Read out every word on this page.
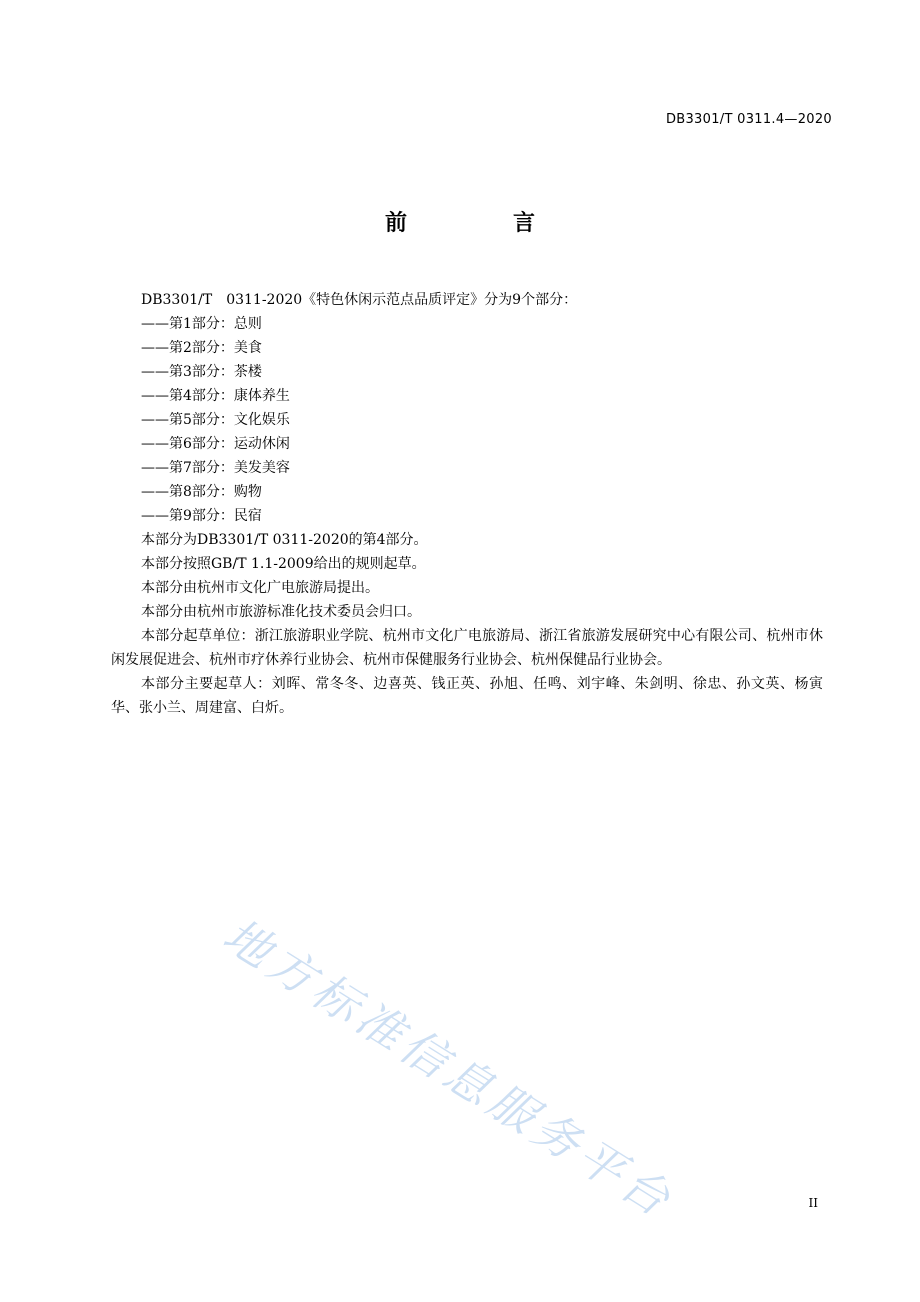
DB3301/T 0311.4—2020
前　言

DB3301/T　0311-2020《特色休闲示范点品质评定》分为9个部分：

——第1部分：总则
——第2部分：美食
——第3部分：茶楼
——第4部分：康体养生
——第5部分：文化娱乐
——第6部分：运动休闲
——第7部分：美发美容
——第8部分：购物
——第9部分：民宿

本部分为DB3301/T 0311-2020的第4部分。

本部分按照GB/T 1.1-2009给出的规则起草。

本部分由杭州市文化广电旅游局提出。

本部分由杭州市旅游标准化技术委员会归口。

本部分起草单位：浙江旅游职业学院、杭州市文化广电旅游局、浙江省旅游发展研究中心有限公司、杭州市休闲发展促进会、杭州市疗休养行业协会、杭州市保健服务行业协会、杭州保健品行业协会。

本部分主要起草人：刘晖、常冬冬、边喜英、钱正英、孙旭、任鸣、刘宇峰、朱剑明、徐忠、孙文英、杨寅华、张小兰、周建富、白炘。

地方标准信息服务平台	II
